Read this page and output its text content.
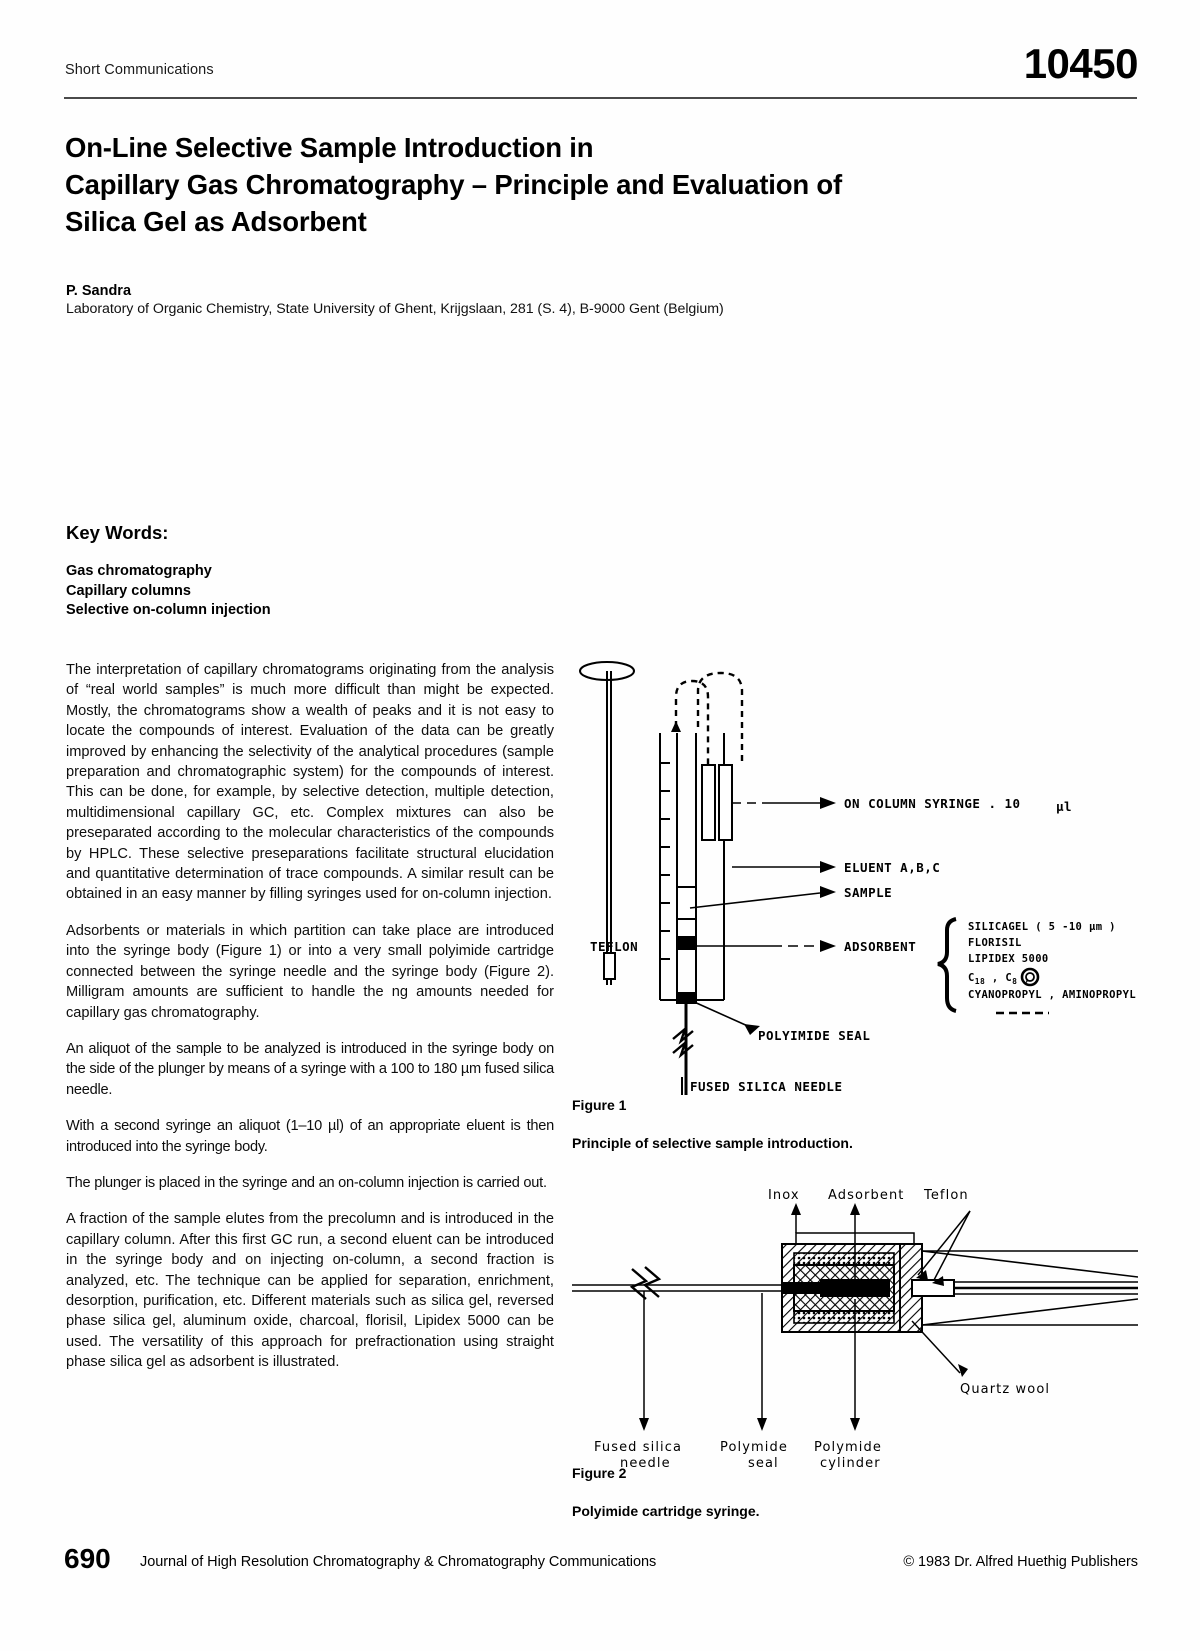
Short Communications	10450
On-Line Selective Sample Introduction in
Capillary Gas Chromatography – Principle and Evaluation of
Silica Gel as Adsorbent
P. Sandra
Laboratory of Organic Chemistry, State University of Ghent, Krijgslaan, 281 (S. 4), B-9000 Gent (Belgium)
Key Words:
Gas chromatography
Capillary columns
Selective on-column injection

The interpretation of capillary chromatograms originating from the analysis of “real world samples” is much more difficult than might be expected. Mostly, the chromatograms show a wealth of peaks and it is not easy to locate the compounds of interest. Evaluation of the data can be greatly improved by enhancing the selectivity of the analytical procedures (sample preparation and chromatographic system) for the compounds of interest. This can be done, for example, by selective detection, multiple detection, multidimensional capillary GC, etc. Complex mixtures can also be preseparated according to the molecular characteristics of the compounds by HPLC. These selective preseparations facilitate structural elucidation and quantitative determination of trace compounds. A similar result can be obtained in an easy manner by filling syringes used for on-column injection.

Adsorbents or materials in which partition can take place are introduced into the syringe body (Figure 1) or into a very small polyimide cartridge connected between the syringe needle and the syringe body (Figure 2). Milligram amounts are sufficient to handle the ng amounts needed for capillary gas chromatography.

An aliquot of the sample to be analyzed is introduced in the syringe body on the side of the plunger by means of a syringe with a 100 to 180 µm fused silica needle.

With a second syringe an aliquot (1–10 µl) of an appropriate eluent is then introduced into the syringe body.

The plunger is placed in the syringe and an on-column injection is carried out.

A fraction of the sample elutes from the precolumn and is introduced in the capillary column. After this first GC run, a second eluent can be introduced in the syringe body and on injecting on-column, a second fraction is analyzed, etc. The technique can be applied for separation, enrichment, desorption, purification, etc. Different materials such as silica gel, reversed phase silica gel, aluminum oxide, charcoal, florisil, Lipidex 5000 can be used. The versatility of this approach for prefractionation using straight phase silica gel as adsorbent is illustrated.

ON COLUMN SYRINGE . 10	µl
ELUENT A,B,C
SAMPLE
ADSORBENT
TEFLON
POLYIMIDE SEAL
FUSED SILICA NEEDLE
SILICAGEL ( 5 -10 µm )
FLORISIL
LIPIDEX 5000
$C_{18}$ , $C_8$ ,
CYANOPROPYL , AMINOPROPYL
Figure 1
Principle of selective sample introduction.
Inox Adsorbent Teflon
Quartz wool
Fused silica
needle
Polymide
seal
Polymide
cylinder
Figure 2
Polyimide cartridge syringe.
690 Journal of High Resolution Chromatography & Chromatography Communications	© 1983 Dr. Alfred Huethig Publishers
